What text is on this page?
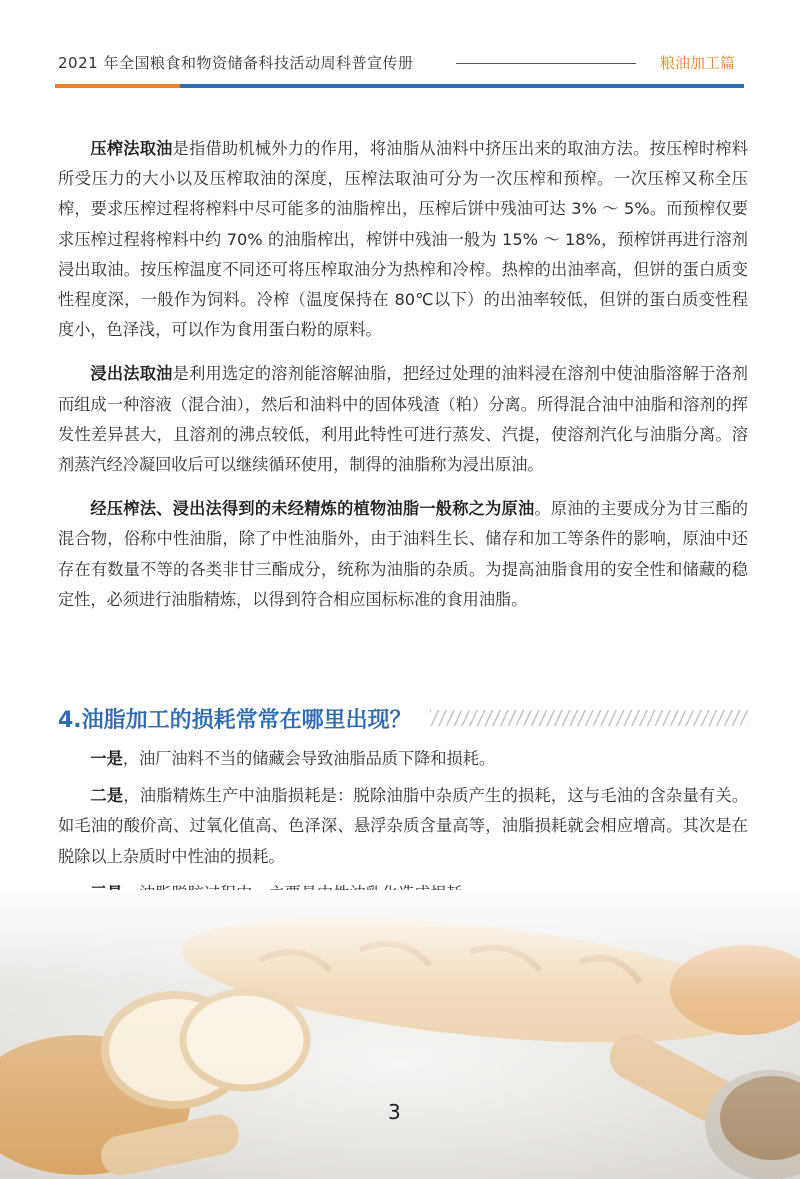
2021 年全国粮食和物资储备科技活动周科普宣传册	粮油加工篇

压榨法取油是指借助机械外力的作用，将油脂从油料中挤压出来的取油方法。按压榨时榨料所受压力的大小以及压榨取油的深度，压榨法取油可分为一次压榨和预榨。一次压榨又称全压榨，要求压榨过程将榨料中尽可能多的油脂榨出，压榨后饼中残油可达 3% ～ 5%。而预榨仅要求压榨过程将榨料中约 70% 的油脂榨出，榨饼中残油一般为 15% ～ 18%，预榨饼再进行溶剂浸出取油。按压榨温度不同还可将压榨取油分为热榨和冷榨。热榨的出油率高，但饼的蛋白质变性程度深，一般作为饲料。冷榨（温度保持在 80℃以下）的出油率较低，但饼的蛋白质变性程度小，色泽浅，可以作为食用蛋白粉的原料。

浸出法取油是利用选定的溶剂能溶解油脂，把经过处理的油料浸在溶剂中使油脂溶解于洛剂而组成一种溶液（混合油），然后和油料中的固体残渣（粕）分离。所得混合油中油脂和溶剂的挥发性差异甚大，且溶剂的沸点较低，利用此特性可进行蒸发、汽提，使溶剂汽化与油脂分离。溶剂蒸汽经冷凝回收后可以继续循环使用，制得的油脂称为浸出原油。

经压榨法、浸出法得到的未经精炼的植物油脂一般称之为原油。原油的主要成分为甘三酯的混合物，俗称中性油脂，除了中性油脂外，由于油料生长、储存和加工等条件的影响，原油中还存在有数量不等的各类非甘三酯成分，统称为油脂的杂质。为提高油脂食用的安全性和储藏的稳定性，必须进行油脂精炼，以得到符合相应国标标准的食用油脂。

4.油脂加工的损耗常常在哪里出现？

一是，油厂油料不当的储藏会导致油脂品质下降和损耗。

二是，油脂精炼生产中油脂损耗是：脱除油脂中杂质产生的损耗，这与毛油的含杂量有关。如毛油的酸价高、过氧化值高、色泽深、悬浮杂质含量高等，油脂损耗就会相应增高。其次是在脱除以上杂质时中性油的损耗。

3
